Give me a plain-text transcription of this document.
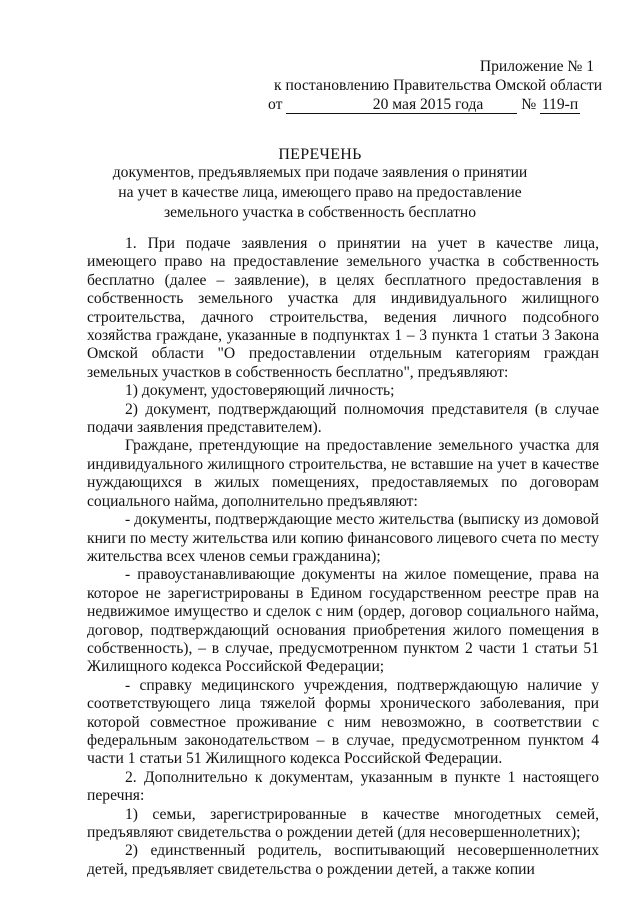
Приложение № 1
к постановлению Правительства Омской области
от	20 мая 2015 года № 119-п
ПЕРЕЧЕНЬ
документов, предъявляемых при подаче заявления о принятии на учет в качестве лица, имеющего право на предоставление земельного участка в собственность бесплатно

1. При подаче заявления о принятии на учет в качестве лица, имеющего право на предоставление земельного участка в собственность бесплатно (далее – заявление), в целях бесплатного предоставления в собственность земельного участка для индивидуального жилищного строительства, дачного строительства, ведения личного подсобного хозяйства граждане, указанные в подпунктах 1 – 3 пункта 1 статьи 3 Закона Омской области "О предоставлении отдельным категориям граждан земельных участков в собственность бесплатно", предъявляют:

1) документ, удостоверяющий личность;

2) документ, подтверждающий полномочия представителя (в случае подачи заявления представителем).

Граждане, претендующие на предоставление земельного участка для индивидуального жилищного строительства, не вставшие на учет в качестве нуждающихся в жилых помещениях, предоставляемых по договорам социального найма, дополнительно предъявляют:

- документы, подтверждающие место жительства (выписку из домовой книги по месту жительства или копию финансового лицевого счета по месту жительства всех членов семьи гражданина);

- правоустанавливающие документы на жилое помещение, права на которое не зарегистрированы в Едином государственном реестре прав на недвижимое имущество и сделок с ним (ордер, договор социального найма, договор, подтверждающий основания приобретения жилого помещения в собственность), – в случае, предусмотренном пунктом 2 части 1 статьи 51 Жилищного кодекса Российской Федерации;

- справку медицинского учреждения, подтверждающую наличие у соответствующего лица тяжелой формы хронического заболевания, при которой совместное проживание с ним невозможно, в соответствии с федеральным законодательством – в случае, предусмотренном пунктом 4 части 1 статьи 51 Жилищного кодекса Российской Федерации.

2. Дополнительно к документам, указанным в пункте 1 настоящего перечня:

1) семьи, зарегистрированные в качестве многодетных семей, предъявляют свидетельства о рождении детей (для несовершеннолетних);

2) единственный родитель, воспитывающий несовершеннолетних детей, предъявляет свидетельства о рождении детей, а также копии
